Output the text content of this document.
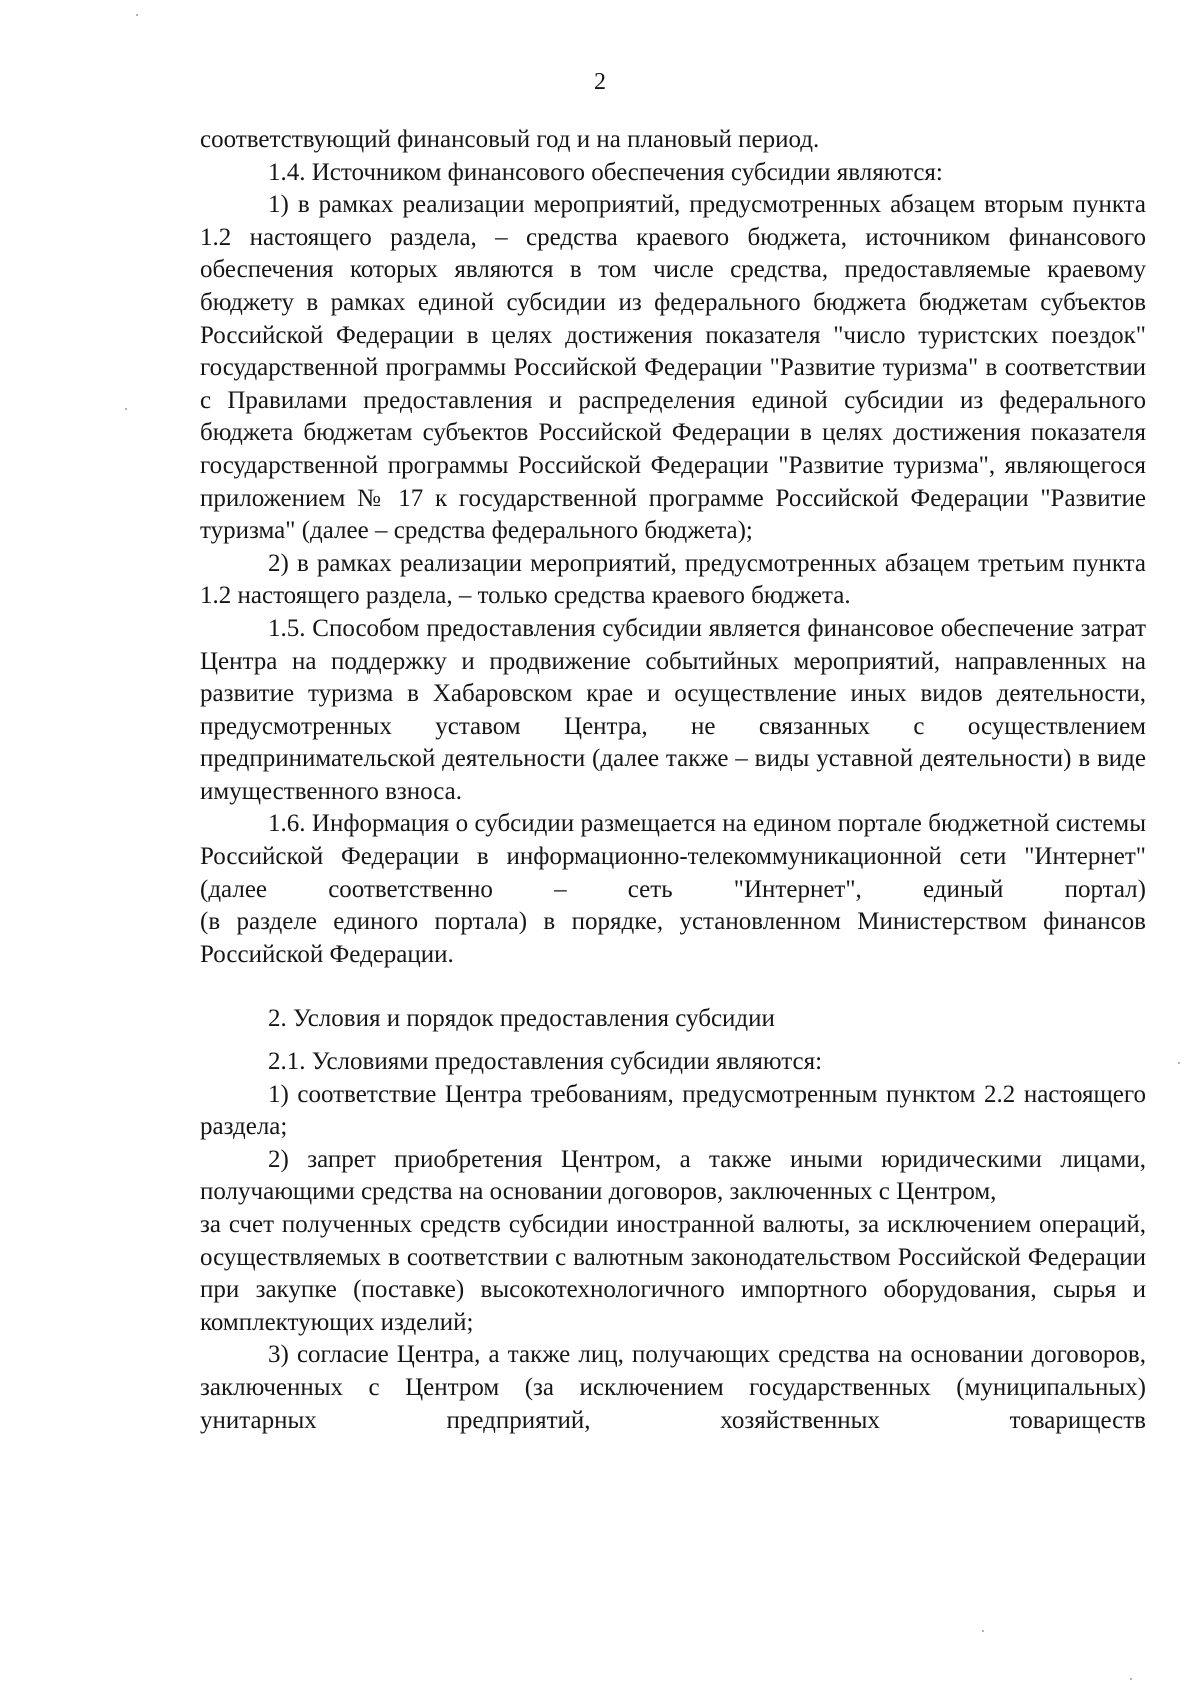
2

соответствующий финансовый год и на плановый период.

1.4. Источником финансового обеспечения субсидии являются:

1) в рамках реализации мероприятий, предусмотренных абзацем вторым пункта 1.2 настоящего раздела, – средства краевого бюджета, источником финансового обеспечения которых являются в том числе средства, предоставляемые краевому бюджету в рамках единой субсидии из федерального бюджета бюджетам субъектов Российской Федерации в целях достижения показателя "число туристских поездок" государственной программы Российской Федерации "Развитие туризма" в соответствии с Правилами предоставления и распределения единой субсидии из федерального бюджета бюджетам субъектов Российской Федерации в целях достижения показателя государственной программы Российской Федерации "Развитие туризма", являющегося приложением № 17 к государственной программе Российской Федерации "Развитие туризма" (далее – средства федерального бюджета);

2) в рамках реализации мероприятий, предусмотренных абзацем третьим пункта 1.2 настоящего раздела, – только средства краевого бюджета.

1.5. Способом предоставления субсидии является финансовое обеспечение затрат Центра на поддержку и продвижение событийных мероприятий, направленных на развитие туризма в Хабаровском крае и осуществление иных видов деятельности, предусмотренных уставом Центра, не связанных с осуществлением предпринимательской деятельности (далее также – виды уставной деятельности) в виде имущественного взноса.

1.6. Информация о субсидии размещается на едином портале бюджетной системы Российской Федерации в информационно-телекоммуникационной сети "Интернет" (далее соответственно – сеть "Интернет", единый портал)

(в разделе единого портала) в порядке, установленном Министерством финансов Российской Федерации.

2. Условия и порядок предоставления субсидии

2.1. Условиями предоставления субсидии являются:

1) соответствие Центра требованиям, предусмотренным пунктом 2.2 настоящего раздела;

2) запрет приобретения Центром, а также иными юридическими лицами, получающими средства на основании договоров, заключенных с Центром,

за счет полученных средств субсидии иностранной валюты, за исключением операций, осуществляемых в соответствии с валютным законодательством Российской Федерации при закупке (поставке) высокотехнологичного импортного оборудования, сырья и комплектующих изделий;

3) согласие Центра, а также лиц, получающих средства на основании договоров, заключенных с Центром (за исключением государственных (муниципальных) унитарных предприятий, хозяйственных товариществ
